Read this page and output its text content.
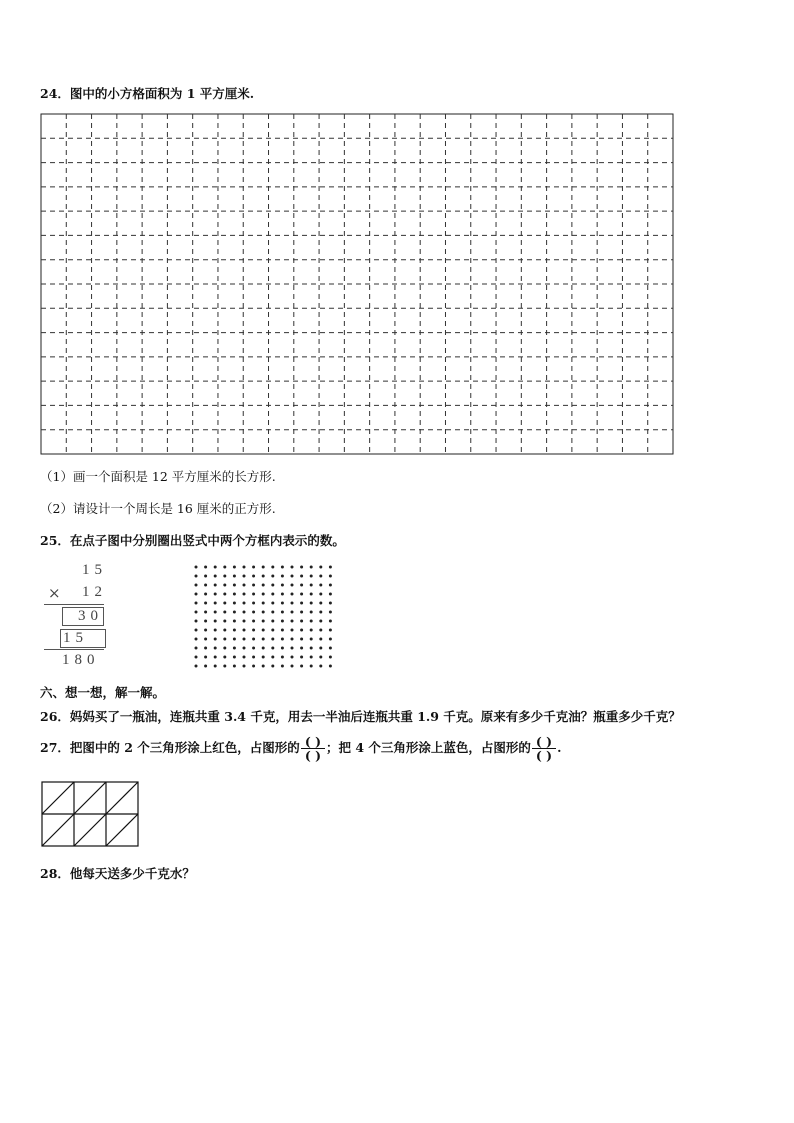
24．图中的小方格面积为 1 平方厘米.
（1）画一个面积是 12 平方厘米的长方形.
（2）请设计一个周长是 16 厘米的正方形.
25．在点子图中分别圈出竖式中两个方框内表示的数。
15
× 12
30
15
180
六、想一想，解一解。
26．妈妈买了一瓶油，连瓶共重 3.4 千克，用去一半油后连瓶共重 1.9 千克。原来有多少千克油？瓶重多少千克？
27．把图中的 2 个三角形涂上红色，占图形的 $\frac{( )}{( )}$ ；把 4 个三角形涂上蓝色，占图形的 $\frac{( )}{( )}$ .
28．他每天送多少千克水？
